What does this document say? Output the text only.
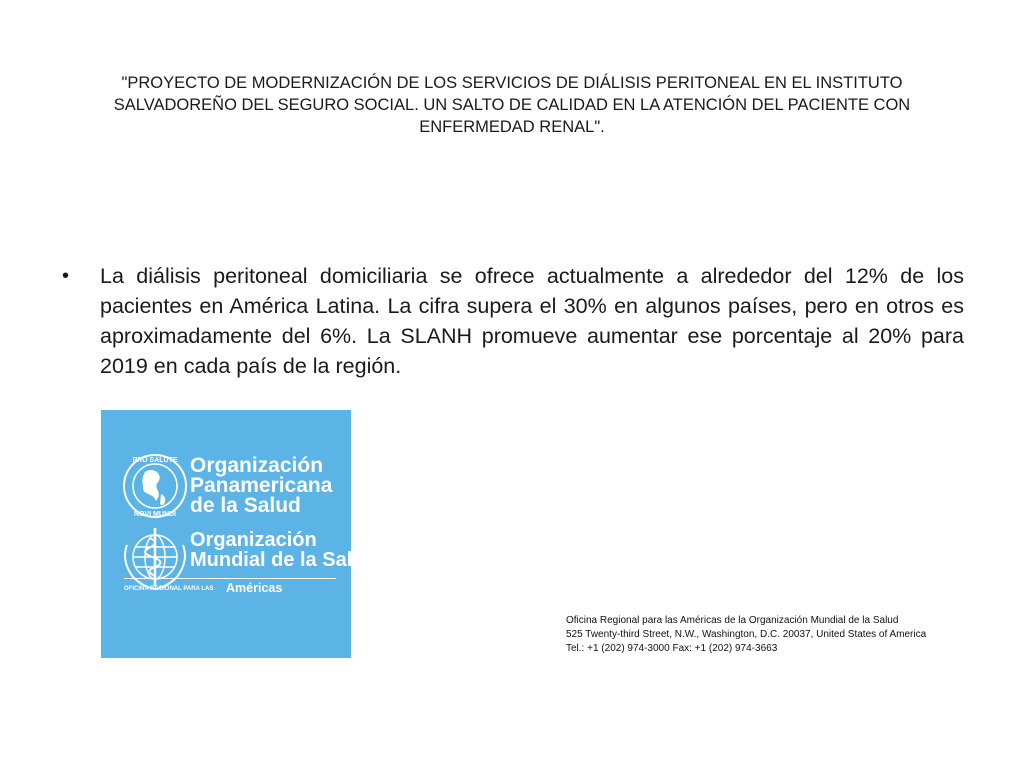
"PROYECTO DE MODERNIZACIÓN DE LOS SERVICIOS DE DIÁLISIS PERITONEAL EN EL INSTITUTO SALVADOREÑO DEL SEGURO SOCIAL. UN SALTO DE CALIDAD EN LA ATENCIÓN DEL PACIENTE CON ENFERMEDAD RENAL".
•	La diálisis peritoneal domiciliaria se ofrece actualmente a alrededor del 12% de los pacientes en América Latina. La cifra supera el 30% en algunos países, pero en otros es aproximadamente del 6%. La SLANH promueve aumentar ese porcentaje al 20% para 2019 en cada país de la región.
PRO SALUTE
NOVI MUNDI
Organización
Panamericana
de la Salud
Organización
Mundial de la Salud
OFICINA REGIONAL PARA LAS Américas
Oficina Regional para las Américas de la Organización Mundial de la Salud
525 Twenty-third Street, N.W., Washington, D.C. 20037, United States of America
Tel.: +1 (202) 974-3000 Fax: +1 (202) 974-3663
